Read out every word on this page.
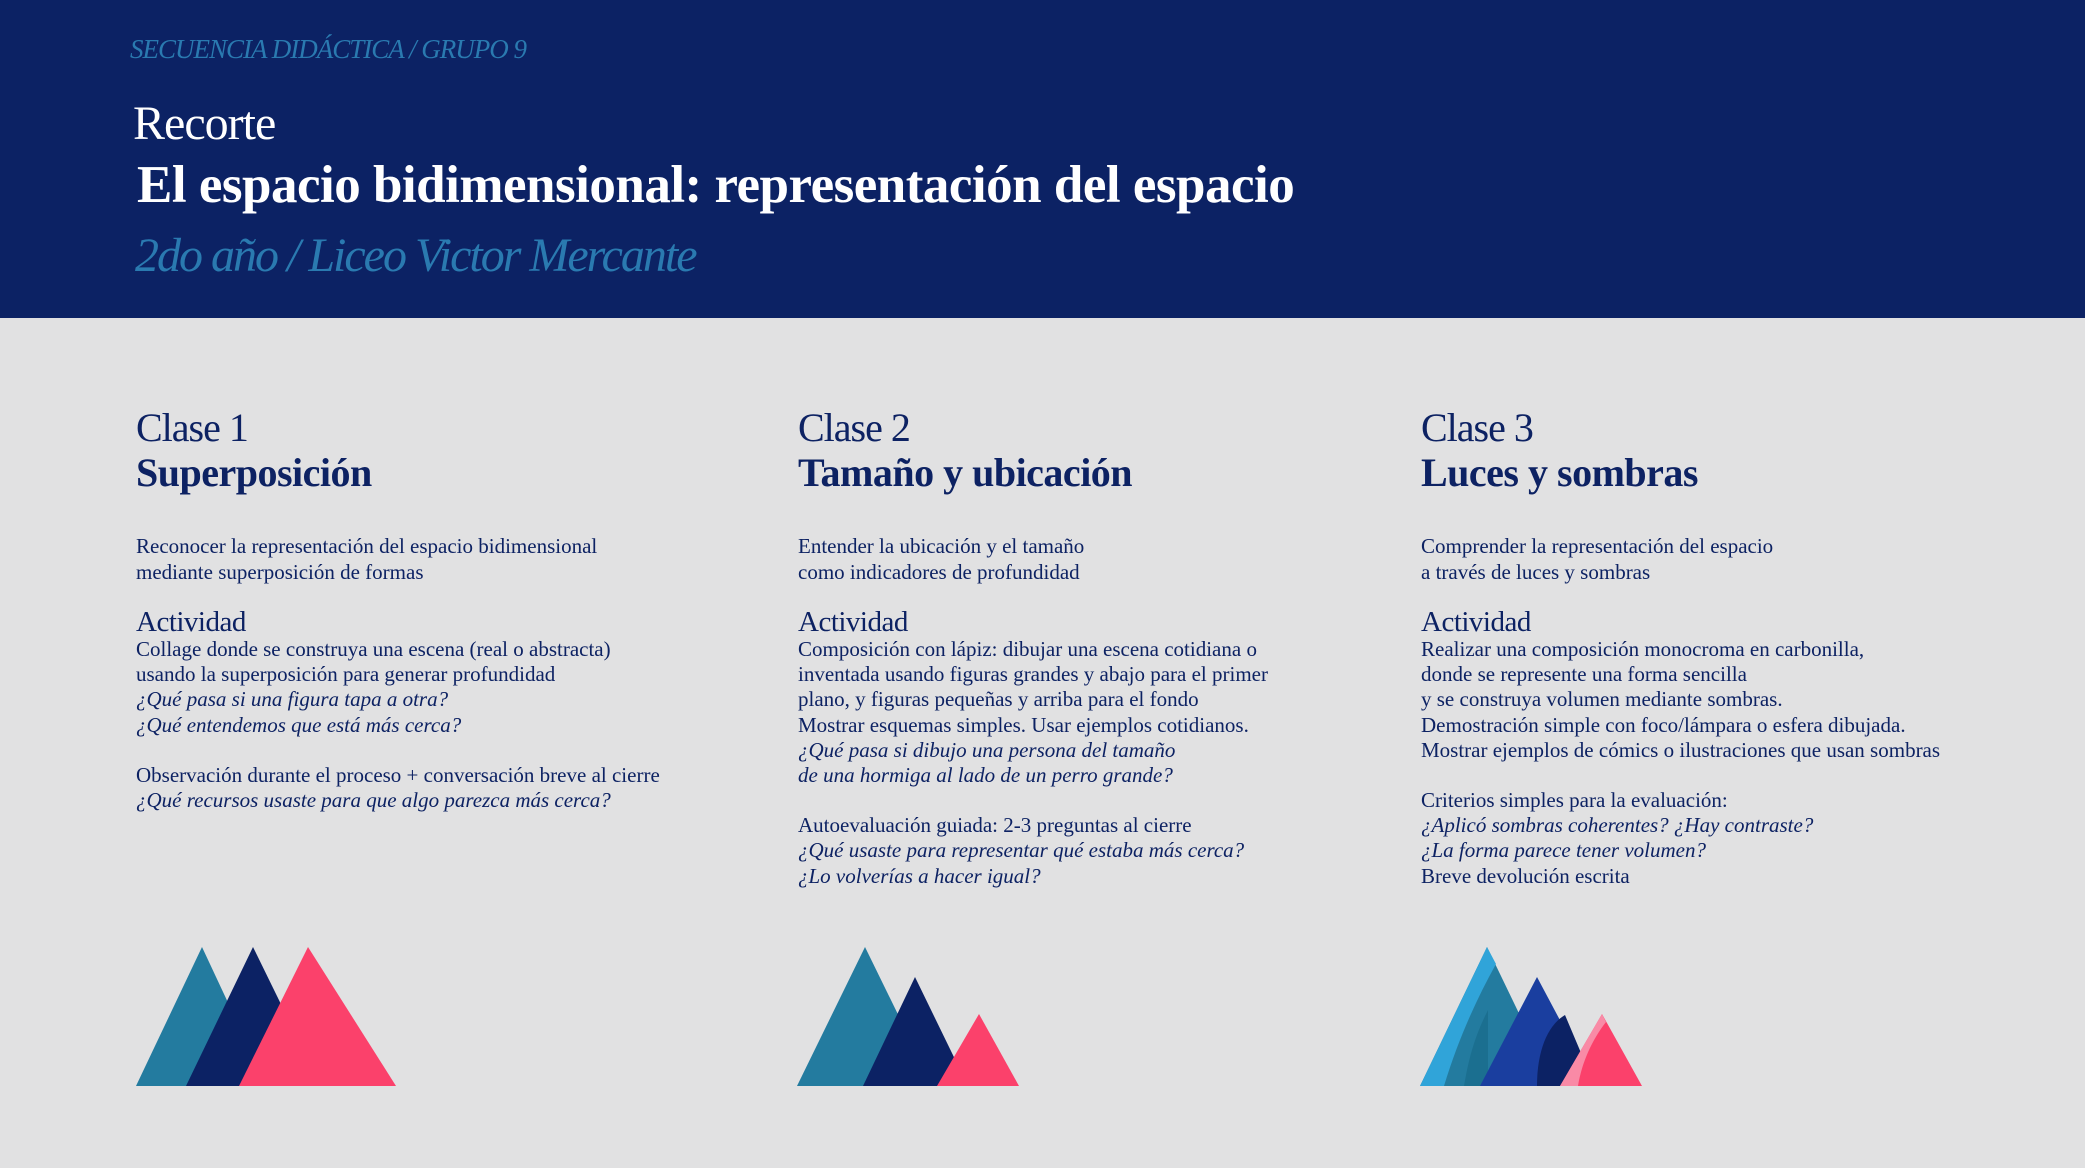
SECUENCIA DIDÁCTICA / GRUPO 9
Recorte
El espacio bidimensional: representación del espacio
2do año / Liceo Victor Mercante
Clase 1
Superposición
Reconocer la representación del espacio bidimensional
mediante superposición de formas
Actividad
Collage donde se construya una escena (real o abstracta)
usando la superposición para generar profundidad
¿Qué pasa si una figura tapa a otra?
¿Qué entendemos que está más cerca?
Observación durante el proceso + conversación breve al cierre
¿Qué recursos usaste para que algo parezca más cerca?
Clase 2
Tamaño y ubicación
Entender la ubicación y el tamaño
como indicadores de profundidad
Actividad
Composición con lápiz: dibujar una escena cotidiana o
inventada usando figuras grandes y abajo para el primer
plano, y figuras pequeñas y arriba para el fondo
Mostrar esquemas simples. Usar ejemplos cotidianos.
¿Qué pasa si dibujo una persona del tamaño
de una hormiga al lado de un perro grande?
Autoevaluación guiada: 2-3 preguntas al cierre
¿Qué usaste para representar qué estaba más cerca?
¿Lo volverías a hacer igual?
Clase 3
Luces y sombras
Comprender la representación del espacio
a través de luces y sombras
Actividad
Realizar una composición monocroma en carbonilla,
donde se represente una forma sencilla
y se construya volumen mediante sombras.
Demostración simple con foco/lámpara o esfera dibujada.
Mostrar ejemplos de cómics o ilustraciones que usan sombras
Criterios simples para la evaluación:
¿Aplicó sombras coherentes? ¿Hay contraste?
¿La forma parece tener volumen?
Breve devolución escrita
